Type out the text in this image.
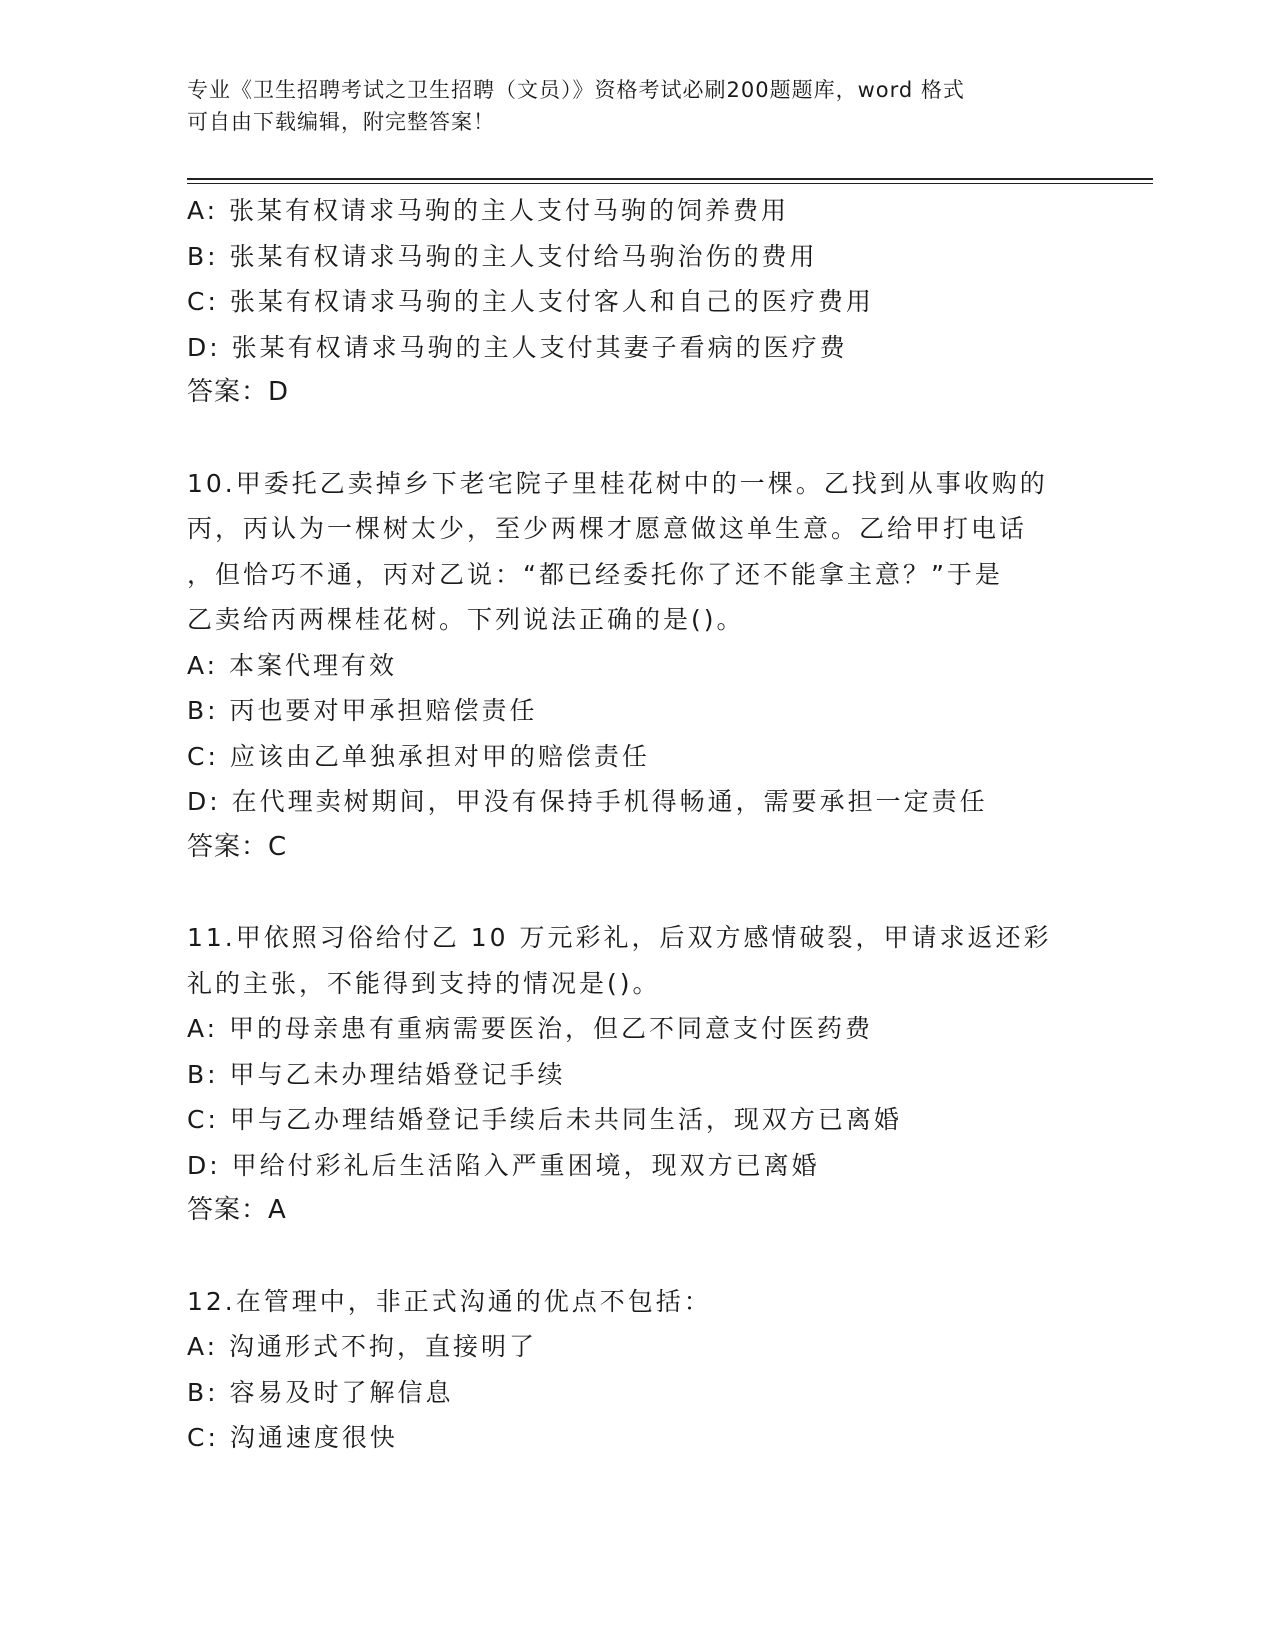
专业《卫生招聘考试之卫生招聘（文员）》资格考试必刷200题题库，word 格式
可自由下载编辑，附完整答案！
A: 张某有权请求马驹的主人支付马驹的饲养费用
B: 张某有权请求马驹的主人支付给马驹治伤的费用
C: 张某有权请求马驹的主人支付客人和自己的医疗费用
D: 张某有权请求马驹的主人支付其妻子看病的医疗费
答案：D
10.甲委托乙卖掉乡下老宅院子里桂花树中的一棵。乙找到从事收购的
丙，丙认为一棵树太少，至少两棵才愿意做这单生意。乙给甲打电话
，但恰巧不通，丙对乙说：“都已经委托你了还不能拿主意？”于是
乙卖给丙两棵桂花树。下列说法正确的是()。
A: 本案代理有效
B: 丙也要对甲承担赔偿责任
C: 应该由乙单独承担对甲的赔偿责任
D: 在代理卖树期间，甲没有保持手机得畅通，需要承担一定责任
答案：C
11.甲依照习俗给付乙 10 万元彩礼，后双方感情破裂，甲请求返还彩
礼的主张，不能得到支持的情况是()。
A: 甲的母亲患有重病需要医治，但乙不同意支付医药费
B: 甲与乙未办理结婚登记手续
C: 甲与乙办理结婚登记手续后未共同生活，现双方已离婚
D: 甲给付彩礼后生活陷入严重困境，现双方已离婚
答案：A
12.在管理中，非正式沟通的优点不包括：
A: 沟通形式不拘，直接明了
B: 容易及时了解信息
C: 沟通速度很快
